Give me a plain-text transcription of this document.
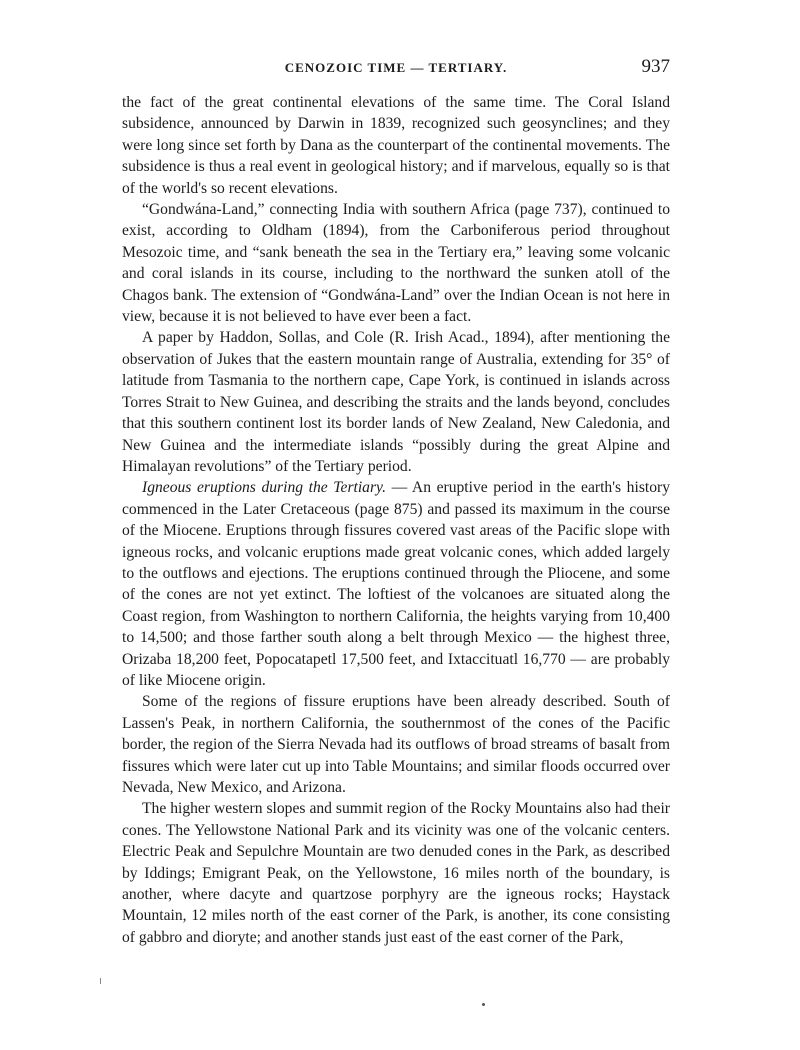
CENOZOIC TIME — TERTIARY.	937

the fact of the great continental elevations of the same time. The Coral Island subsidence, announced by Darwin in 1839, recognized such geosynclines; and they were long since set forth by Dana as the counterpart of the continental movements. The subsidence is thus a real event in geological history; and if marvelous, equally so is that of the world's so recent elevations.

“Gondwána-Land,” connecting India with southern Africa (page 737), continued to exist, according to Oldham (1894), from the Carboniferous period throughout Mesozoic time, and “sank beneath the sea in the Tertiary era,” leaving some volcanic and coral islands in its course, including to the northward the sunken atoll of the Chagos bank. The extension of “Gondwána-Land” over the Indian Ocean is not here in view, because it is not believed to have ever been a fact.

A paper by Haddon, Sollas, and Cole (R. Irish Acad., 1894), after mentioning the observation of Jukes that the eastern mountain range of Australia, extending for 35° of latitude from Tasmania to the northern cape, Cape York, is continued in islands across Torres Strait to New Guinea, and describing the straits and the lands beyond, concludes that this southern continent lost its border lands of New Zealand, New Caledonia, and New Guinea and the intermediate islands “possibly during the great Alpine and Himalayan revolutions” of the Tertiary period.

Igneous eruptions during the Tertiary. — An eruptive period in the earth's history commenced in the Later Cretaceous (page 875) and passed its maximum in the course of the Miocene. Eruptions through fissures covered vast areas of the Pacific slope with igneous rocks, and volcanic eruptions made great volcanic cones, which added largely to the outflows and ejections. The eruptions continued through the Pliocene, and some of the cones are not yet extinct. The loftiest of the volcanoes are situated along the Coast region, from Washington to northern California, the heights varying from 10,400 to 14,500; and those farther south along a belt through Mexico — the highest three, Orizaba 18,200 feet, Popocatapetl 17,500 feet, and Ixtaccituatl 16,770 — are probably of like Miocene origin.

Some of the regions of fissure eruptions have been already described. South of Lassen's Peak, in northern California, the southernmost of the cones of the Pacific border, the region of the Sierra Nevada had its outflows of broad streams of basalt from fissures which were later cut up into Table Mountains; and similar floods occurred over Nevada, New Mexico, and Arizona.

The higher western slopes and summit region of the Rocky Mountains also had their cones. The Yellowstone National Park and its vicinity was one of the volcanic centers. Electric Peak and Sepulchre Mountain are two denuded cones in the Park, as described by Iddings; Emigrant Peak, on the Yellowstone, 16 miles north of the boundary, is another, where dacyte and quartzose porphyry are the igneous rocks; Haystack Mountain, 12 miles north of the east corner of the Park, is another, its cone consisting of gabbro and dioryte; and another stands just east of the east corner of the Park,
